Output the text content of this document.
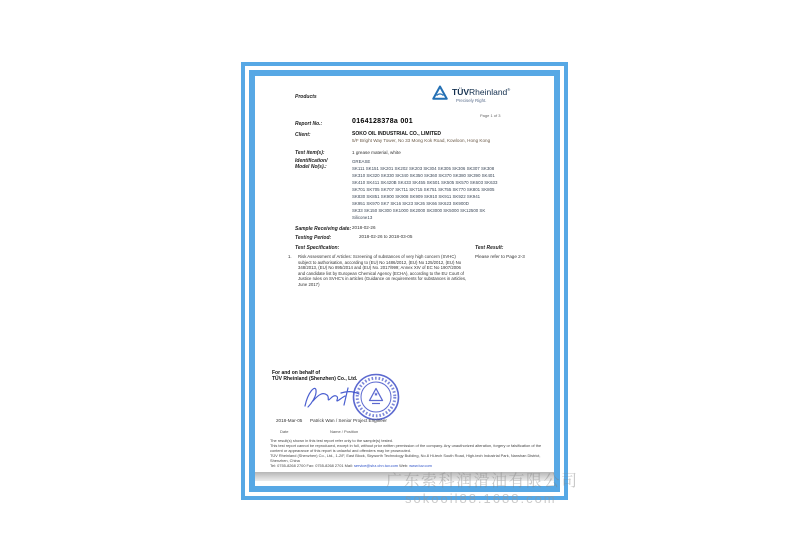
Products	TÜVRheinland®
Precisely Right.
Page 1 of 3
Report No.:	0164128378a 001
Client:	SOKO OIL INDUSTRIAL CO., LIMITED
5/F Bright Way Tower, No 33 Mong Kok Road, Kowloon, Hong Kong
Test item(s):	1 grease material, white
Identification/
Model No(s).:
GREASE
SK111 SK151 SK201 SK202 SK203 SK304 SK305 SK306 SK307 SK308
SK310 SK320 SK330 SK340 SK350 SK360 SK370 SK380 SK390 SK401
SK410 SK411 SK420B SK433 SK455 SK501 SK505 SK570 SK603 SK633
SK701 SK705 SK707 SK711 SK715 SK751 SK755 SK770 SK801 SK805
SK830 SK851 SK900 SK908 SK909 SK910 SK911 SK922 SK941
SK951 SK970 SK7 SK16 SK23 SK26 SK66 SK623 SK900D
SK33 SK150 SK300 SK1000 SK2000 SK3000 SK5000 SK12500 SK
Silicone13
Sample Receiving date: 2018-02-26
Testing Period:	2018-02-26 to 2018-03-05
Test Specification:	Test Result:
1.	Risk Assessment of Articles: Screening of substances of very high concern (SVHC) subject to authorisation, according to (EU) No 1486/2012, (EU) No 125/2012, (EU) No 348/2013, (EU) No 895/2014 and (EU) No. 2017/999; Annex XIV of EC No 1907/2006 and candidate list by European Chemical Agency (ECHA), according to the EU Court of Justice rules on SVHC's in articles (Guidance on requirements for substances in articles, June 2017)
Please refer to Page 2-3
For and on behalf of
TÜV Rheinland (Shenzhen) Co., Ltd.
2018-Mar-05 Patrick Wan / Senior Project Engineer
Date	Name / Position
The result(s) shown in this test report refer only to the sample(s) tested.
This test report cannot be reproduced, except in full, without prior written permission of the company. Any unauthorized alteration, forgery or falsification of the content or appearance of this report is unlawful and offenders may be prosecuted.
TÜV Rheinland (Shenzhen) Co., Ltd., 1-2/F, East Block, Skyworth Technology Building, No.8 Hi-tech South Road, High-tech Industrial Park, Nanshan District, Shenzhen, China
Tel: 0755-8268 2700 Fax: 0755-8268 2701 Mail: service@shz.chn.tuv.com Web: www.tuv.com
广东索科润滑油有限公司
sokooil88.1688.com
